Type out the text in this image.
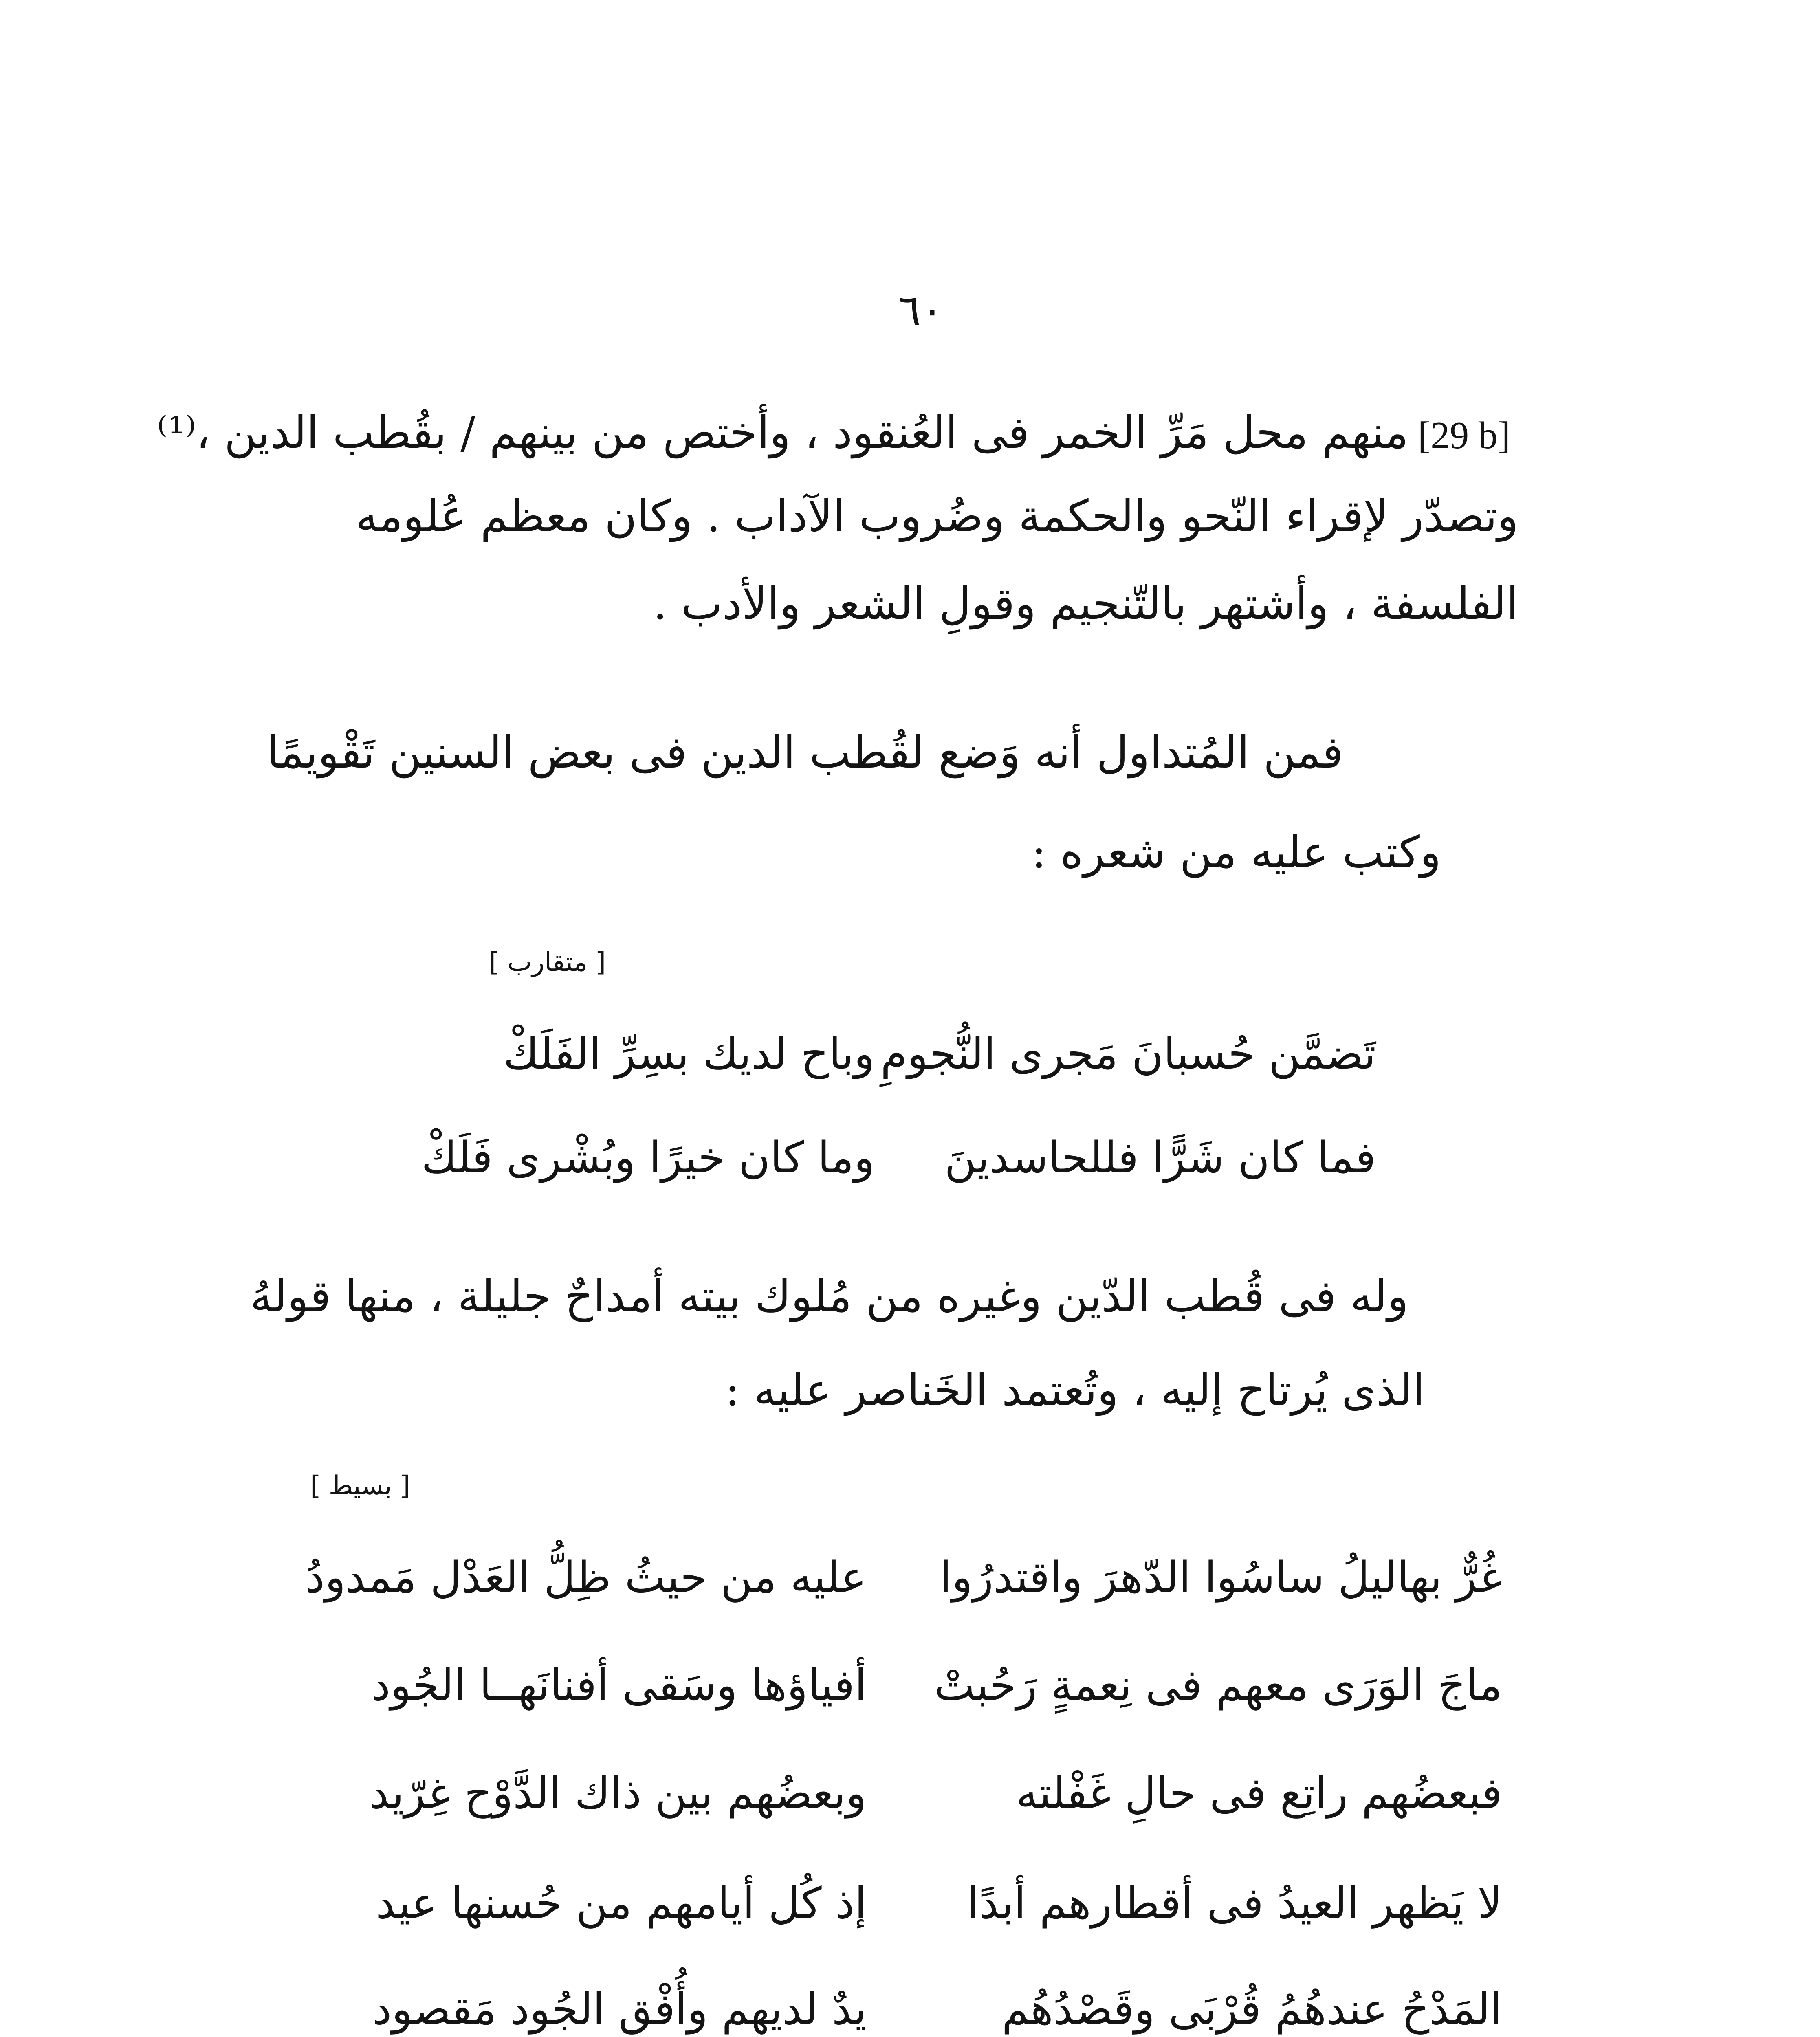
٦٠
[29 b]
منهم محل مَرِّ الخمر فى العُنقود ، وأختص من بينهم / بقُطب الدين ،⁽¹⁾
وتصدّر لإقراء النّحو والحكمة وضُروب الآداب . وكان معظم عُلومه
الفلسفة ، وأشتهر بالتّنجيم وقولِ الشعر والأدب .
فمن المُتداول أنه وَضع لقُطب الدين فى بعض السنين تَقْويمًا
وكتب عليه من شعره :
[ متقارب ]
تَضمَّن حُسبانَ مَجرى النُّجومِ
وباح لديك بسِرِّ الفَلَكْ
فما كان شَرًّا فللحاسدينَ
وما كان خيرًا وبُشْرى فَلَكْ
وله فى قُطب الدّين وغيره من مُلوك بيته أمداحٌ جليلة ، منها قولهُ
الذى يُرتاح إليه ، وتُعتمد الخَناصر عليه :
[ بسيط ]
غُرٌّ بهاليلُ ساسُوا الدّهرَ واقتدرُوا
عليه من حيثُ ظِلُّ العَدْل مَمدودُ
ماجَ الوَرَى معهم فى نِعمةٍ رَحُبتْ
أفياؤها وسَقى أفنانَهــا الجُود
فبعضُهم راتِع فى حالِ غَفْلته
وبعضُهم بين ذاك الدَّوْح غِرّيد
لا يَظهر العيدُ فى أقطارهم أبدًا
إذ كُل أيامهم من حُسنها عيد
المَدْحُ عندهُمُ قُرْبَى وقَصْدُهُم
يدٌ لديهم وأُفْق الجُود مَقصود
